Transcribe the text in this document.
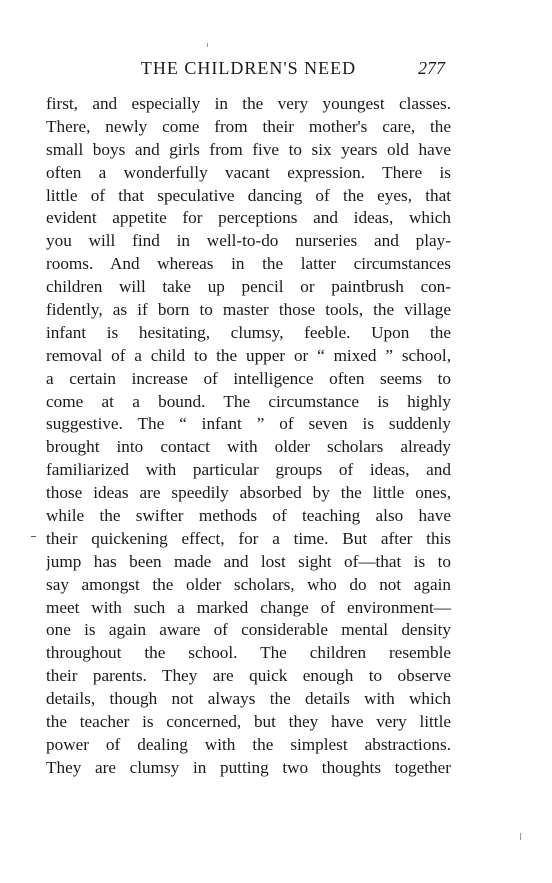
THE CHILDREN'S NEED	277
first, and especially in the very youngest classes.
There, newly come from their mother's care, the
small boys and girls from five to six years old have
often a wonderfully vacant expression. There is
little of that speculative dancing of the eyes, that
evident appetite for perceptions and ideas, which
you will find in well-to-do nurseries and play-
rooms. And whereas in the latter circumstances
children will take up pencil or paintbrush con-
fidently, as if born to master those tools, the village
infant is hesitating, clumsy, feeble. Upon the
removal of a child to the upper or “ mixed ” school,
a certain increase of intelligence often seems to
come at a bound. The circumstance is highly
suggestive. The “ infant ” of seven is suddenly
brought into contact with older scholars already
familiarized with particular groups of ideas, and
those ideas are speedily absorbed by the little ones,
while the swifter methods of teaching also have
their quickening effect, for a time. But after this
jump has been made and lost sight of—that is to
say amongst the older scholars, who do not again
meet with such a marked change of environment—
one is again aware of considerable mental density
throughout the school. The children resemble
their parents. They are quick enough to observe
details, though not always the details with which
the teacher is concerned, but they have very little
power of dealing with the simplest abstractions.
They are clumsy in putting two thoughts together
